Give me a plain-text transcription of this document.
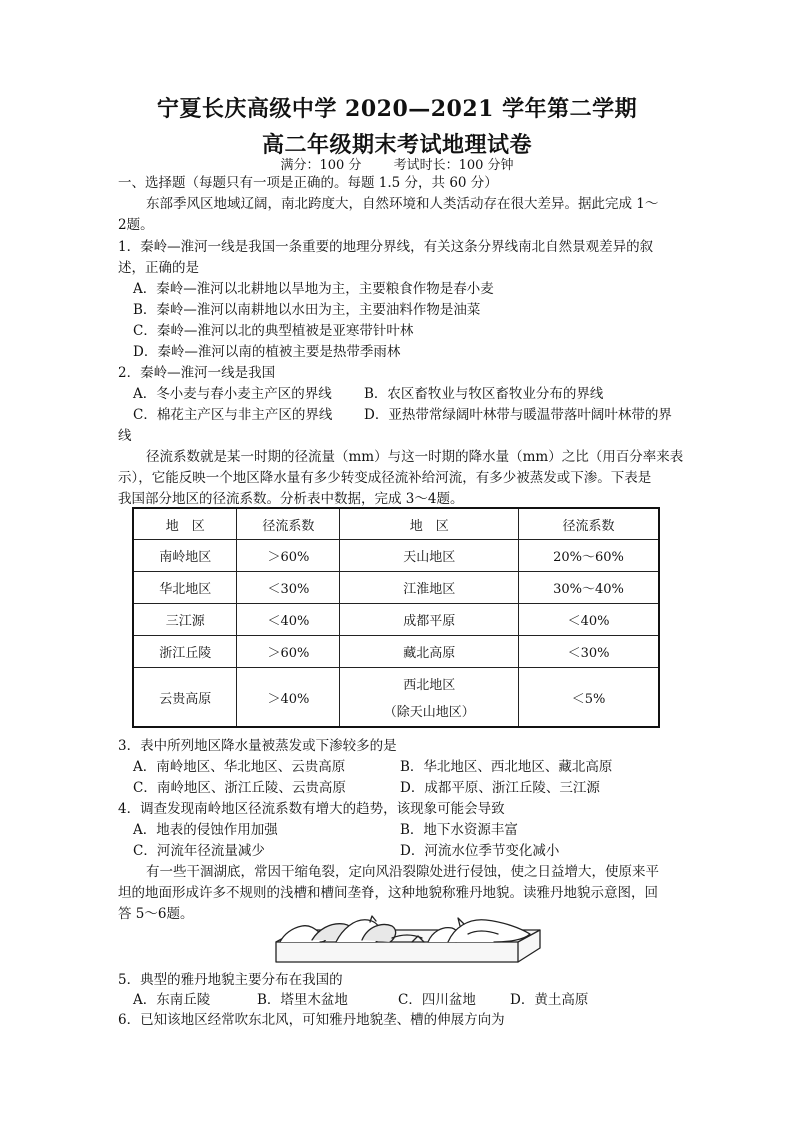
宁夏长庆高级中学 2020—2021 学年第二学期
高二年级期末考试地理试卷
满分：100 分 考试时长：100 分钟
一、选择题（每题只有一项是正确的。每题 1.5 分，共 60 分）
东部季风区地域辽阔，南北跨度大，自然环境和人类活动存在很大差异。据此完成 1～
2题。
1．秦岭—淮河一线是我国一条重要的地理分界线，有关这条分界线南北自然景观差异的叙
述，正确的是
A．秦岭—淮河以北耕地以旱地为主，主要粮食作物是春小麦
B．秦岭—淮河以南耕地以水田为主，主要油料作物是油菜
C．秦岭—淮河以北的典型植被是亚寒带针叶林
D．秦岭—淮河以南的植被主要是热带季雨林
2．秦岭—淮河一线是我国
A．冬小麦与春小麦主产区的界线 B．农区畜牧业与牧区畜牧业分布的界线
C．棉花主产区与非主产区的界线 D．亚热带常绿阔叶林带与暖温带落叶阔叶林带的界
线
径流系数就是某一时期的径流量（mm）与这一时期的降水量（mm）之比（用百分率来表
示），它能反映一个地区降水量有多少转变成径流补给河流，有多少被蒸发或下渗。下表是
我国部分地区的径流系数。分析表中数据，完成 3～4题。
地　区	径流系数	地　区	径流系数
南岭地区	＞60%	天山地区	20%～60%
华北地区	＜30%	江淮地区	30%～40%
三江源	＜40%	成都平原	＜40%
浙江丘陵	＞60%	藏北高原	＜30%
云贵高原	＞40%	西北地区
（除天山地区）	＜5%
3．表中所列地区降水量被蒸发或下渗较多的是
A．南岭地区、华北地区、云贵高原	B．华北地区、西北地区、藏北高原
C．南岭地区、浙江丘陵、云贵高原	D．成都平原、浙江丘陵、三江源
4．调查发现南岭地区径流系数有增大的趋势，该现象可能会导致
A．地表的侵蚀作用加强	B．地下水资源丰富
C．河流年径流量减少	D．河流水位季节变化减小
有一些干涸湖底，常因干缩龟裂，定向风沿裂隙处进行侵蚀，使之日益增大，使原来平
坦的地面形成许多不规则的浅槽和槽间垄脊，这种地貌称雅丹地貌。读雅丹地貌示意图，回
答 5～6题。
5．典型的雅丹地貌主要分布在我国的
A．东南丘陵	B．塔里木盆地	C．四川盆地	D．黄土高原
6．已知该地区经常吹东北风，可知雅丹地貌垄、槽的伸展方向为
